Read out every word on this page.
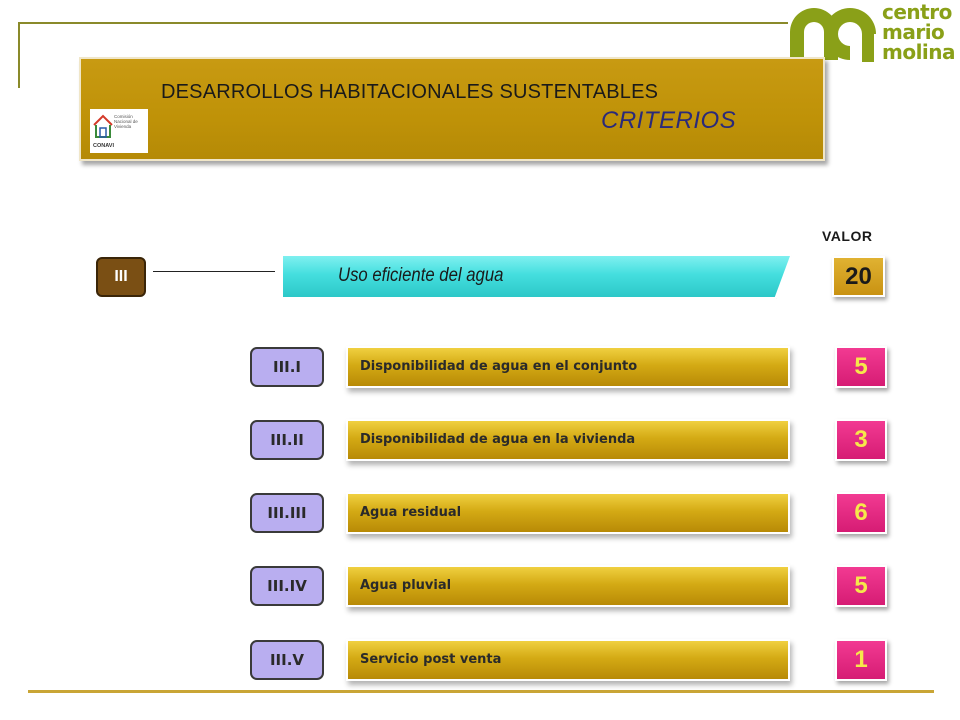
centro
mario
molina
DESARROLLOS HABITACIONALES SUSTENTABLES
CRITERIOS
Comisión Nacional de Vivienda
CONAVI
VALOR
III	Uso eficiente del agua	20
III.I	Disponibilidad de agua en el conjunto	5
III.II	Disponibilidad de agua en la vivienda	3
III.III	Agua residual	6
III.IV	Agua pluvial	5
III.V	Servicio post venta	1
